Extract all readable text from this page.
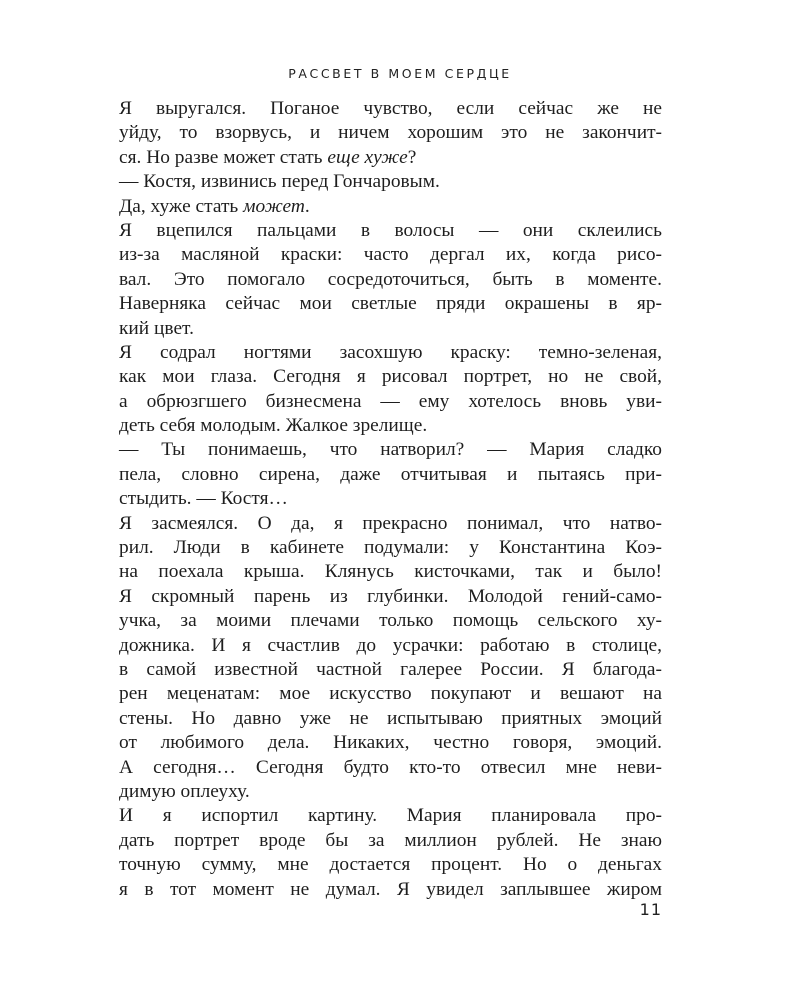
РАССВЕТ В МОЕМ СЕРДЦЕ
Я выругался. Поганое чувство, если сейчас же не
уйду, то взорвусь, и ничем хорошим это не закончит-
ся. Но разве может стать еще хуже?
— Костя, извинись перед Гончаровым.
Да, хуже стать может.
Я вцепился пальцами в волосы — они склеились
из-за масляной краски: часто дергал их, когда рисо-
вал. Это помогало сосредоточиться, быть в моменте.
Наверняка сейчас мои светлые пряди окрашены в яр-
кий цвет.
Я содрал ногтями засохшую краску: темно-зеленая,
как мои глаза. Сегодня я рисовал портрет, но не свой,
а обрюзгшего бизнесмена — ему хотелось вновь уви-
деть себя молодым. Жалкое зрелище.
— Ты понимаешь, что натворил? — Мария сладко
пела, словно сирена, даже отчитывая и пытаясь при-
стыдить. — Костя…
Я засмеялся. О да, я прекрасно понимал, что натво-
рил. Люди в кабинете подумали: у Константина Коэ-
на поехала крыша. Клянусь кисточками, так и было!
Я скромный парень из глубинки. Молодой гений-само-
учка, за моими плечами только помощь сельского ху-
дожника. И я счастлив до усрачки: работаю в столице,
в самой известной частной галерее России. Я благода-
рен меценатам: мое искусство покупают и вешают на
стены. Но давно уже не испытываю приятных эмоций
от любимого дела. Никаких, честно говоря, эмоций.
А сегодня… Сегодня будто кто-то отвесил мне неви-
димую оплеуху.
И я испортил картину. Мария планировала про-
дать портрет вроде бы за миллион рублей. Не знаю
точную сумму, мне достается процент. Но о деньгах
я в тот момент не думал. Я увидел заплывшее жиром
11
